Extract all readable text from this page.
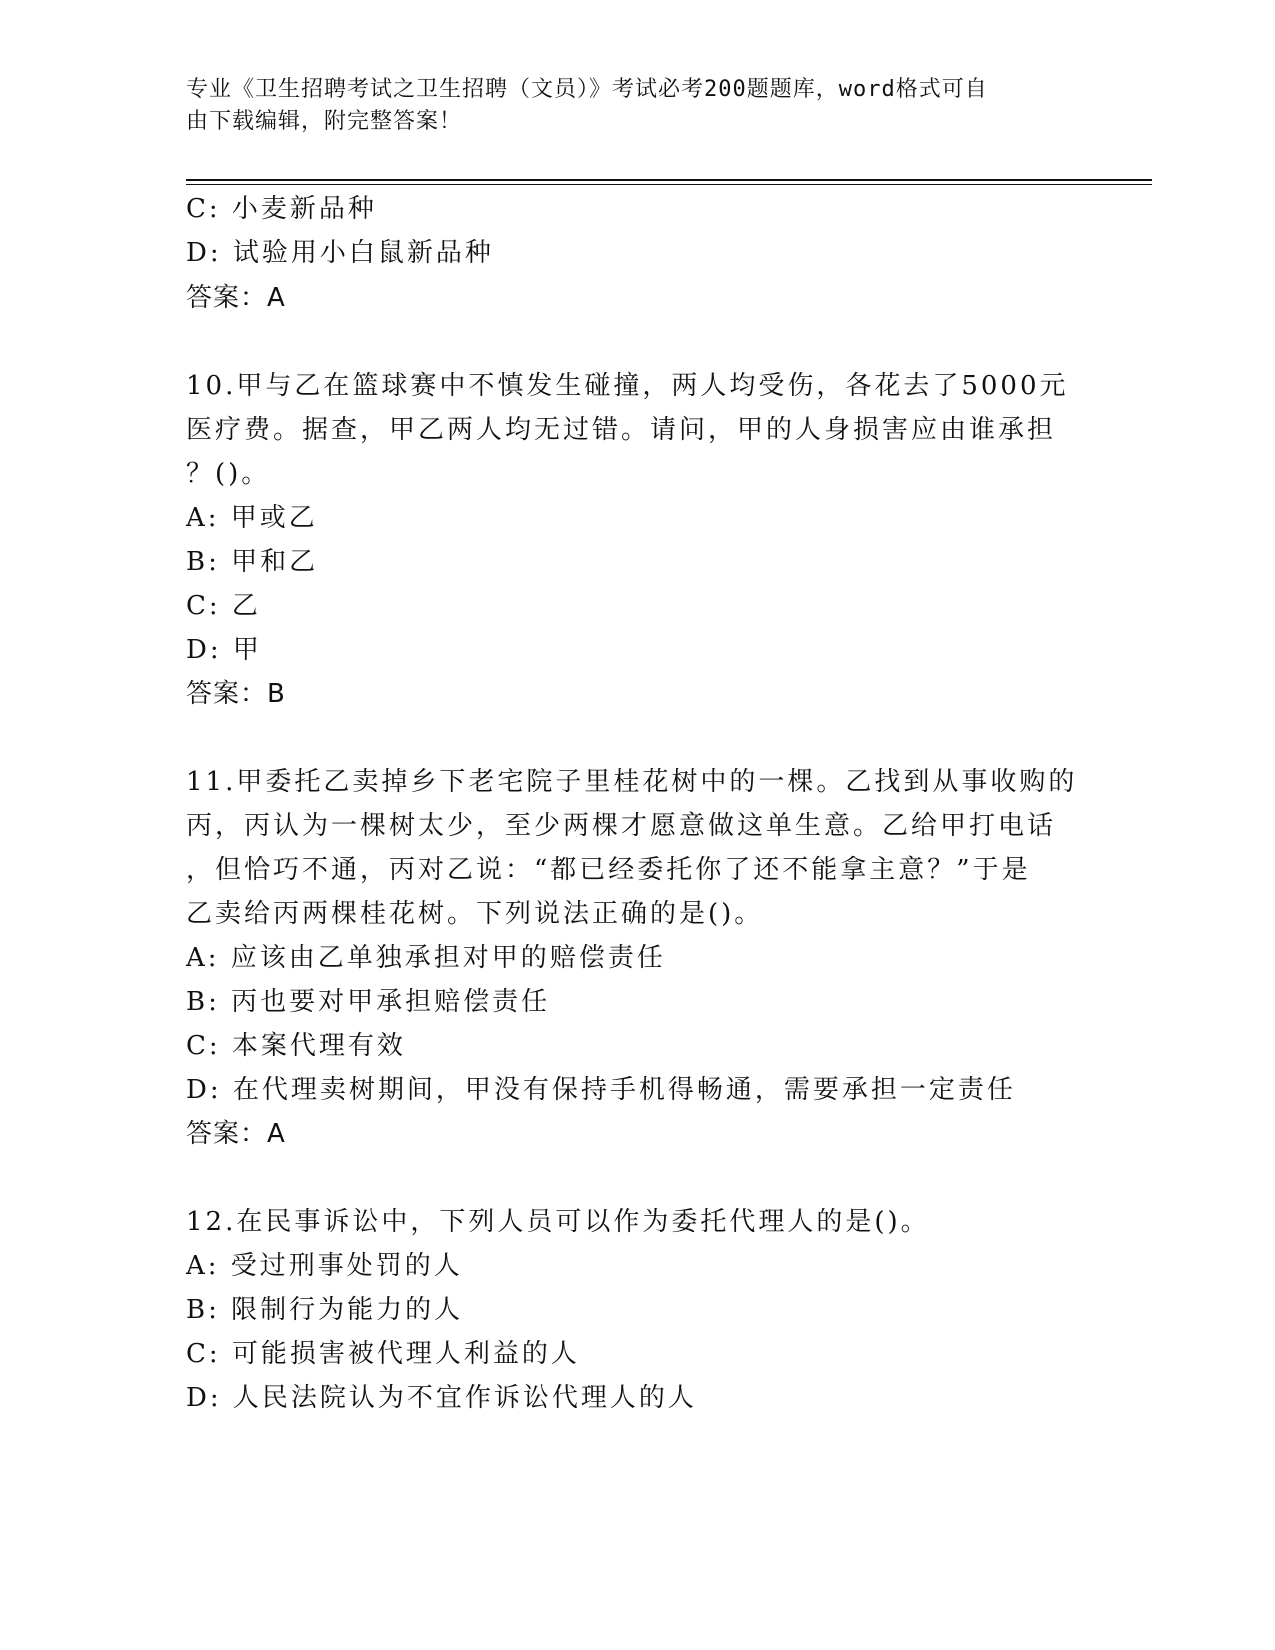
专业《卫生招聘考试之卫生招聘（文员）》考试必考200题题库，word格式可自
由下载编辑，附完整答案！
C: 小麦新品种
D: 试验用小白鼠新品种
答案：A
10.甲与乙在篮球赛中不慎发生碰撞，两人均受伤，各花去了5000元
医疗费。据查，甲乙两人均无过错。请问，甲的人身损害应由谁承担
？()。
A: 甲或乙
B: 甲和乙
C: 乙
D: 甲
答案：B
11.甲委托乙卖掉乡下老宅院子里桂花树中的一棵。乙找到从事收购的
丙，丙认为一棵树太少，至少两棵才愿意做这单生意。乙给甲打电话
，但恰巧不通，丙对乙说：“都已经委托你了还不能拿主意？”于是
乙卖给丙两棵桂花树。下列说法正确的是()。
A: 应该由乙单独承担对甲的赔偿责任
B: 丙也要对甲承担赔偿责任
C: 本案代理有效
D: 在代理卖树期间，甲没有保持手机得畅通，需要承担一定责任
答案：A
12.在民事诉讼中，下列人员可以作为委托代理人的是()。
A: 受过刑事处罚的人
B: 限制行为能力的人
C: 可能损害被代理人利益的人
D: 人民法院认为不宜作诉讼代理人的人
